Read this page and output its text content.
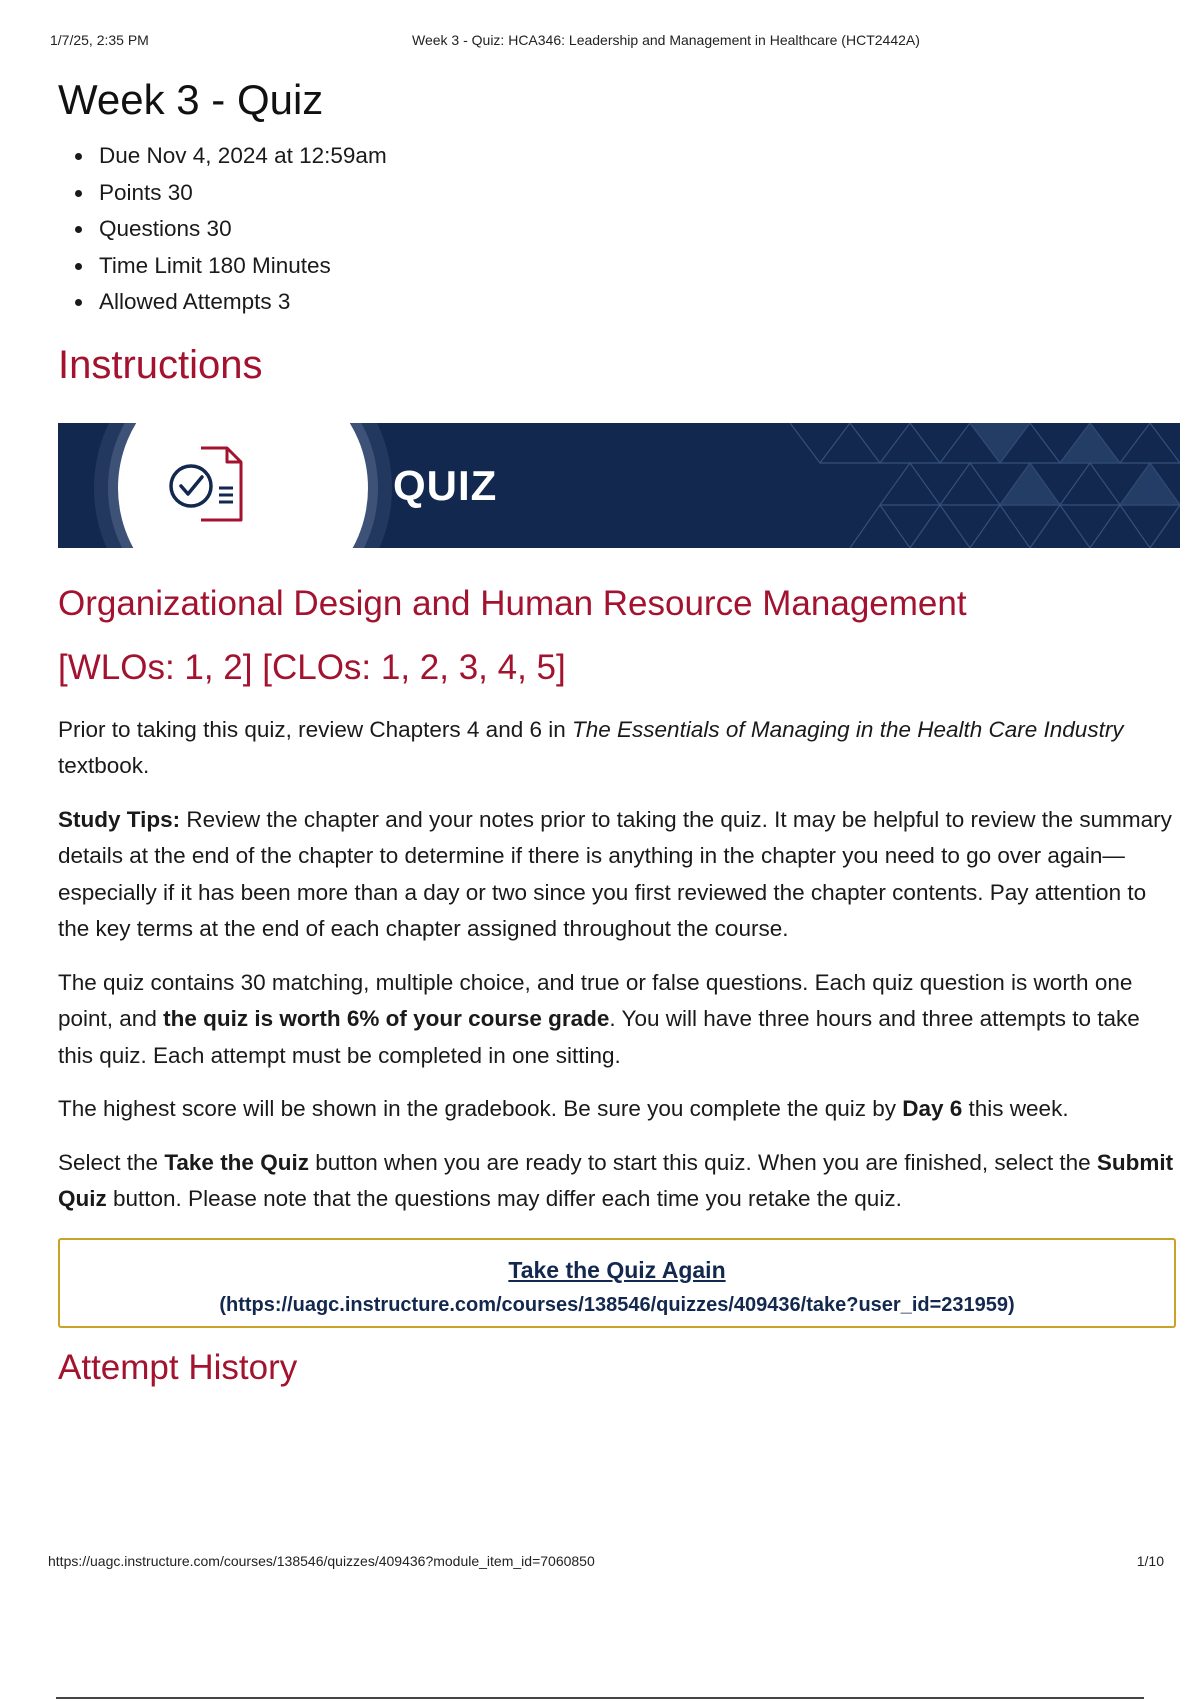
1/7/25, 2:35 PM	Week 3 - Quiz: HCA346: Leadership and Management in Healthcare (HCT2442A)
Week 3 - Quiz
• Due Nov 4, 2024 at 12:59am
• Points 30
• Questions 30
• Time Limit 180 Minutes
• Allowed Attempts 3
Instructions
QUIZ
Organizational Design and Human Resource Management
[WLOs: 1, 2] [CLOs: 1, 2, 3, 4, 5]

Prior to taking this quiz, review Chapters 4 and 6 in The Essentials of Managing in the Health Care Industry textbook.

Study Tips: Review the chapter and your notes prior to taking the quiz. It may be helpful to review the summary details at the end of the chapter to determine if there is anything in the chapter you need to go over again—especially if it has been more than a day or two since you first reviewed the chapter contents. Pay attention to the key terms at the end of each chapter assigned throughout the course.

The quiz contains 30 matching, multiple choice, and true or false questions. Each quiz question is worth one point, and the quiz is worth 6% of your course grade. You will have three hours and three attempts to take this quiz. Each attempt must be completed in one sitting.

The highest score will be shown in the gradebook. Be sure you complete the quiz by Day 6 this week.

Select the Take the Quiz button when you are ready to start this quiz. When you are finished, select the Submit Quiz button. Please note that the questions may differ each time you retake the quiz.

Take the Quiz Again(https://uagc.instructure.com/courses/138546/quizzes/409436/take?user_id=231959)
Attempt History
https://uagc.instructure.com/courses/138546/quizzes/409436?module_item_id=7060850	1/10
